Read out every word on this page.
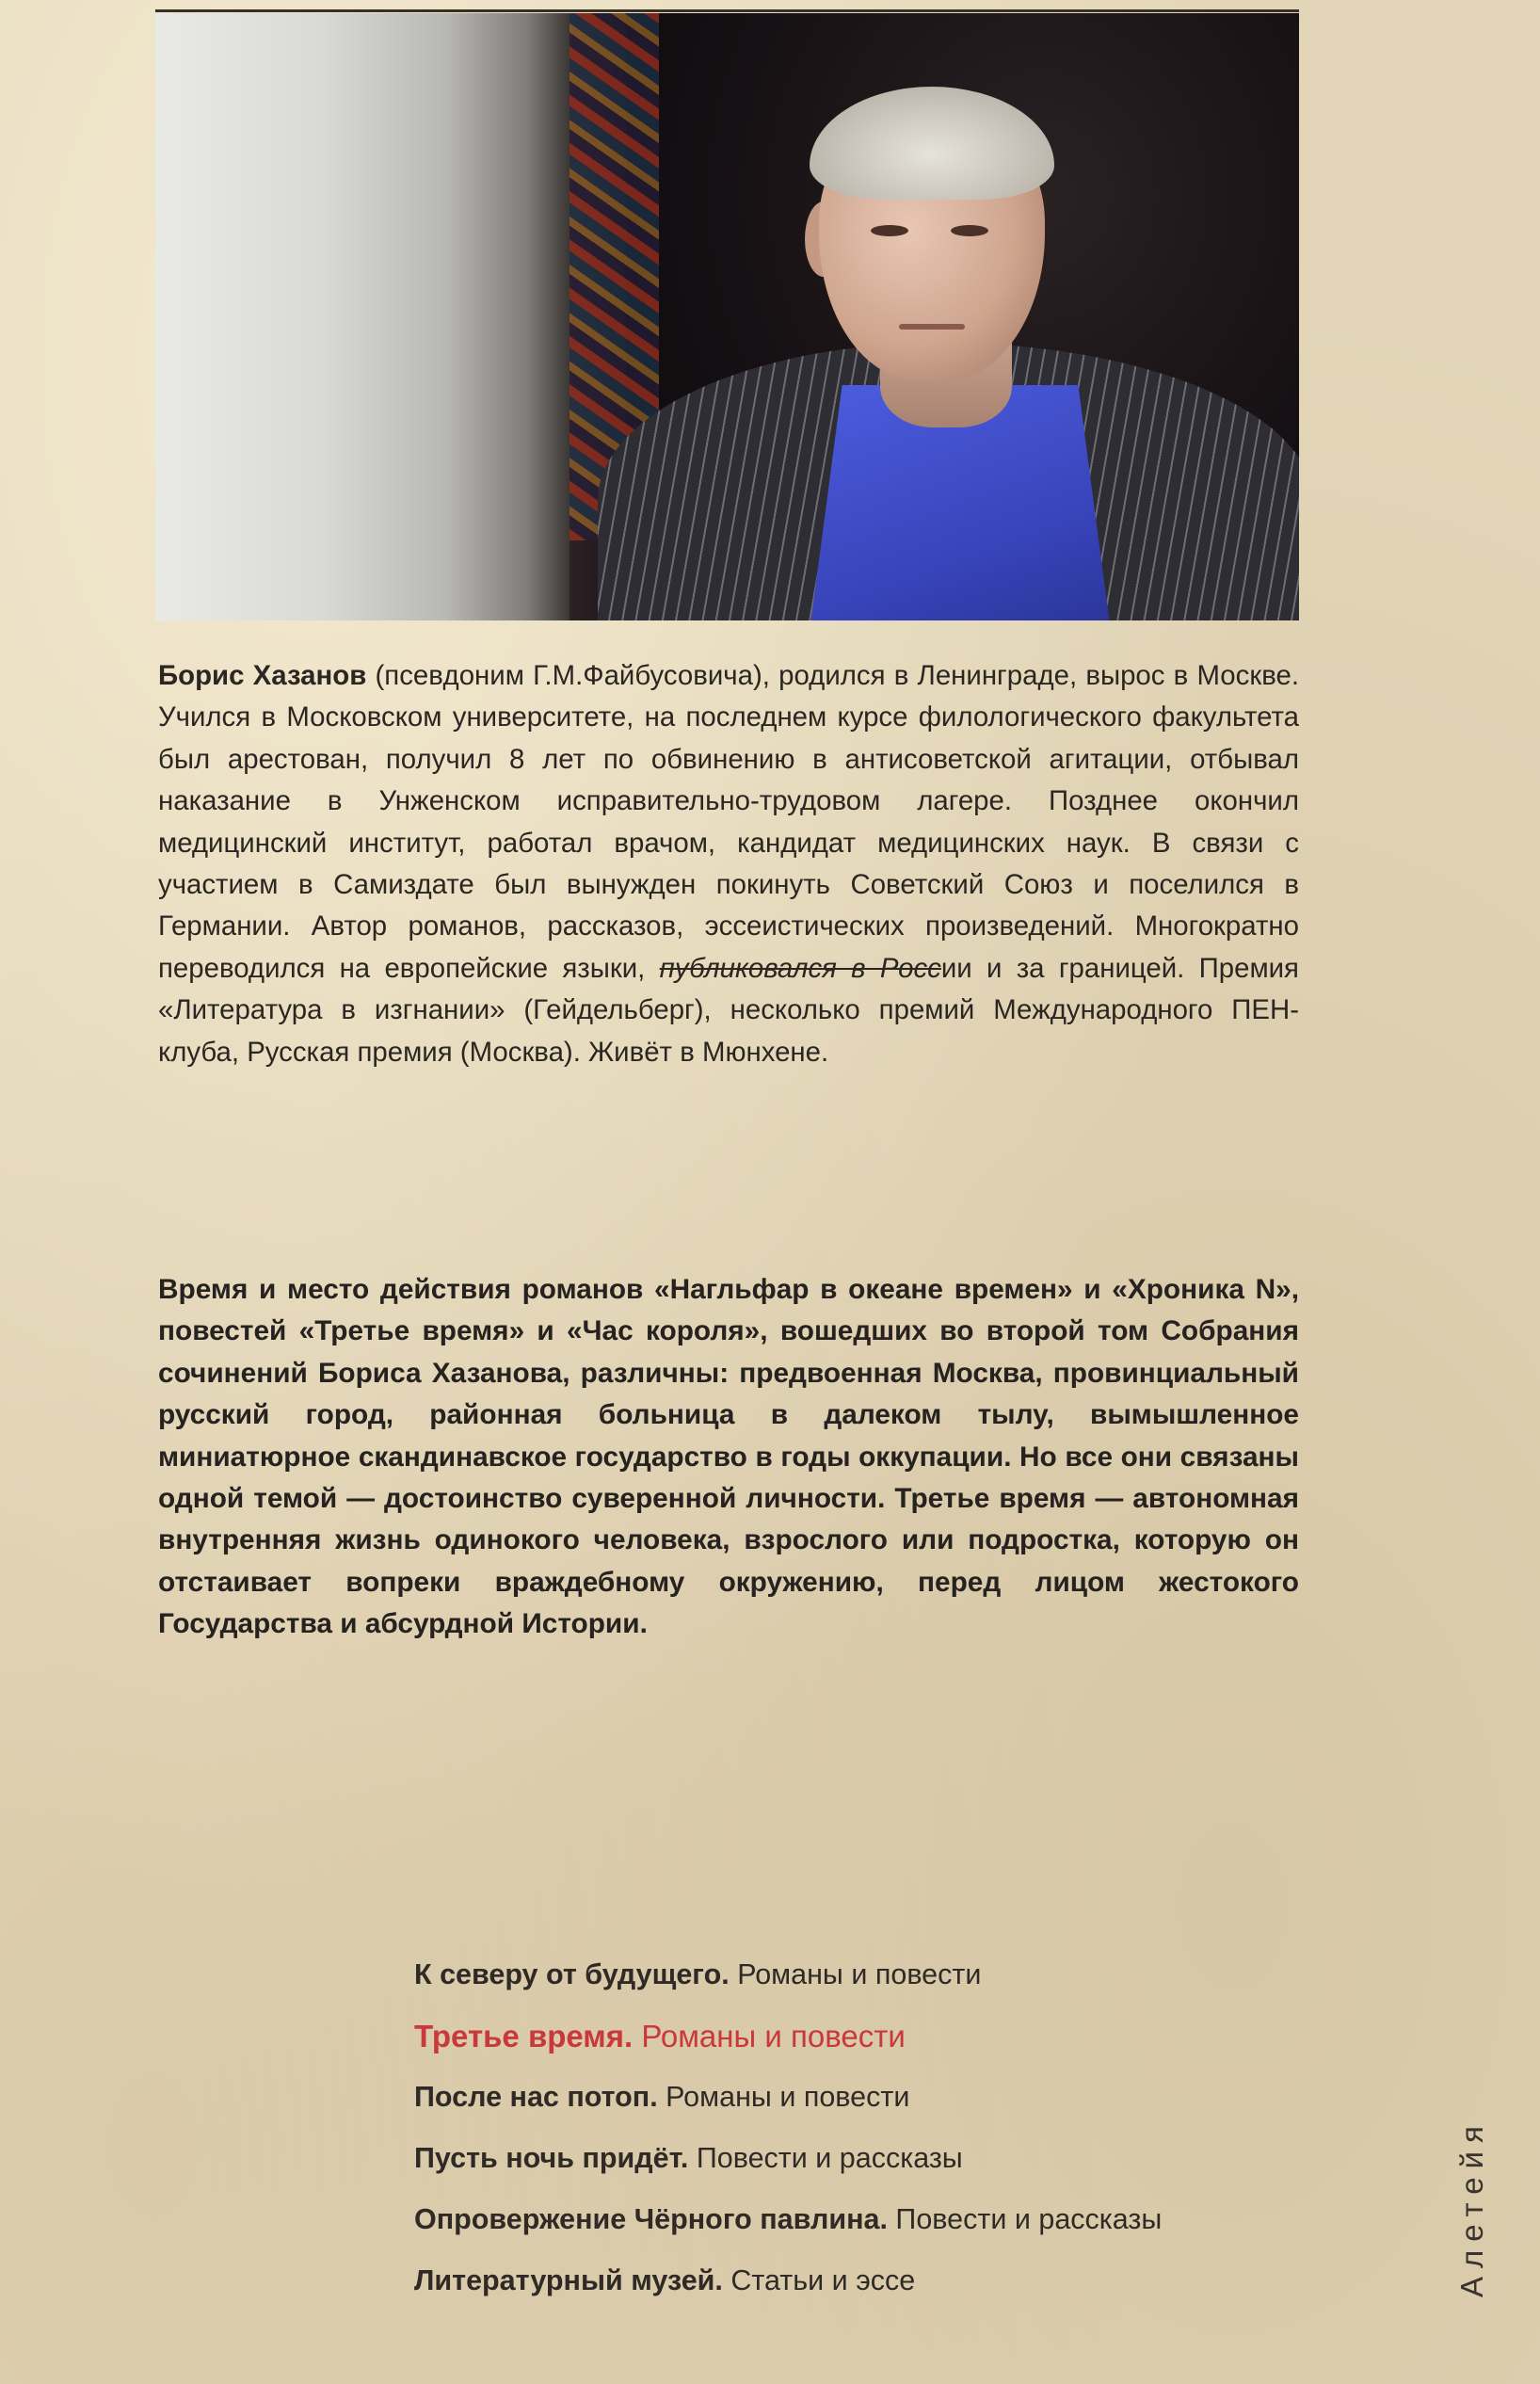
Борис Хазанов (псевдоним Г.М.Файбусовича), родился в Ленинграде, вырос в Москве. Учился в Московском университете, на последнем курсе филологического факультета был арестован, получил 8 лет по обвинению в антисоветской агитации, отбывал наказание в Унженском исправительно-трудовом лагере. Позднее окончил медицинский институт, работал врачом, кандидат медицинских наук. В связи с участием в Самиздате был вынужден покинуть Советский Союз и поселился в Германии. Автор романов, рассказов, эссеистических произведений. Многократно переводился на европейские языки, публиковался в России и за границей. Премия «Литература в изгнании» (Гейдельберг), несколько премий Международного ПЕН-клуба, Русская премия (Москва). Живёт в Мюнхене.
Время и место действия романов «Нагльфар в океане времен» и «Хроника N», повестей «Третье время» и «Час короля», вошедших во второй том Собрания сочинений Бориса Хазанова, различны: предвоенная Москва, провинциальный русский город, районная больница в далеком тылу, вымышленное миниатюрное скандинавское государство в годы оккупации. Но все они связаны одной темой — достоинство суверенной личности. Третье время — автономная внутренняя жизнь одинокого человека, взрослого или подростка, которую он отстаивает вопреки враждебному окружению, перед лицом жестокого Государства и абсурдной Истории.
К северу от будущего. Романы и повести
Третье время. Романы и повести
После нас потоп. Романы и повести
Пусть ночь придёт. Повести и рассказы
Опровержение Чёрного павлина. Повести и рассказы
Литературный музей. Статьи и эссе	Алетейя
